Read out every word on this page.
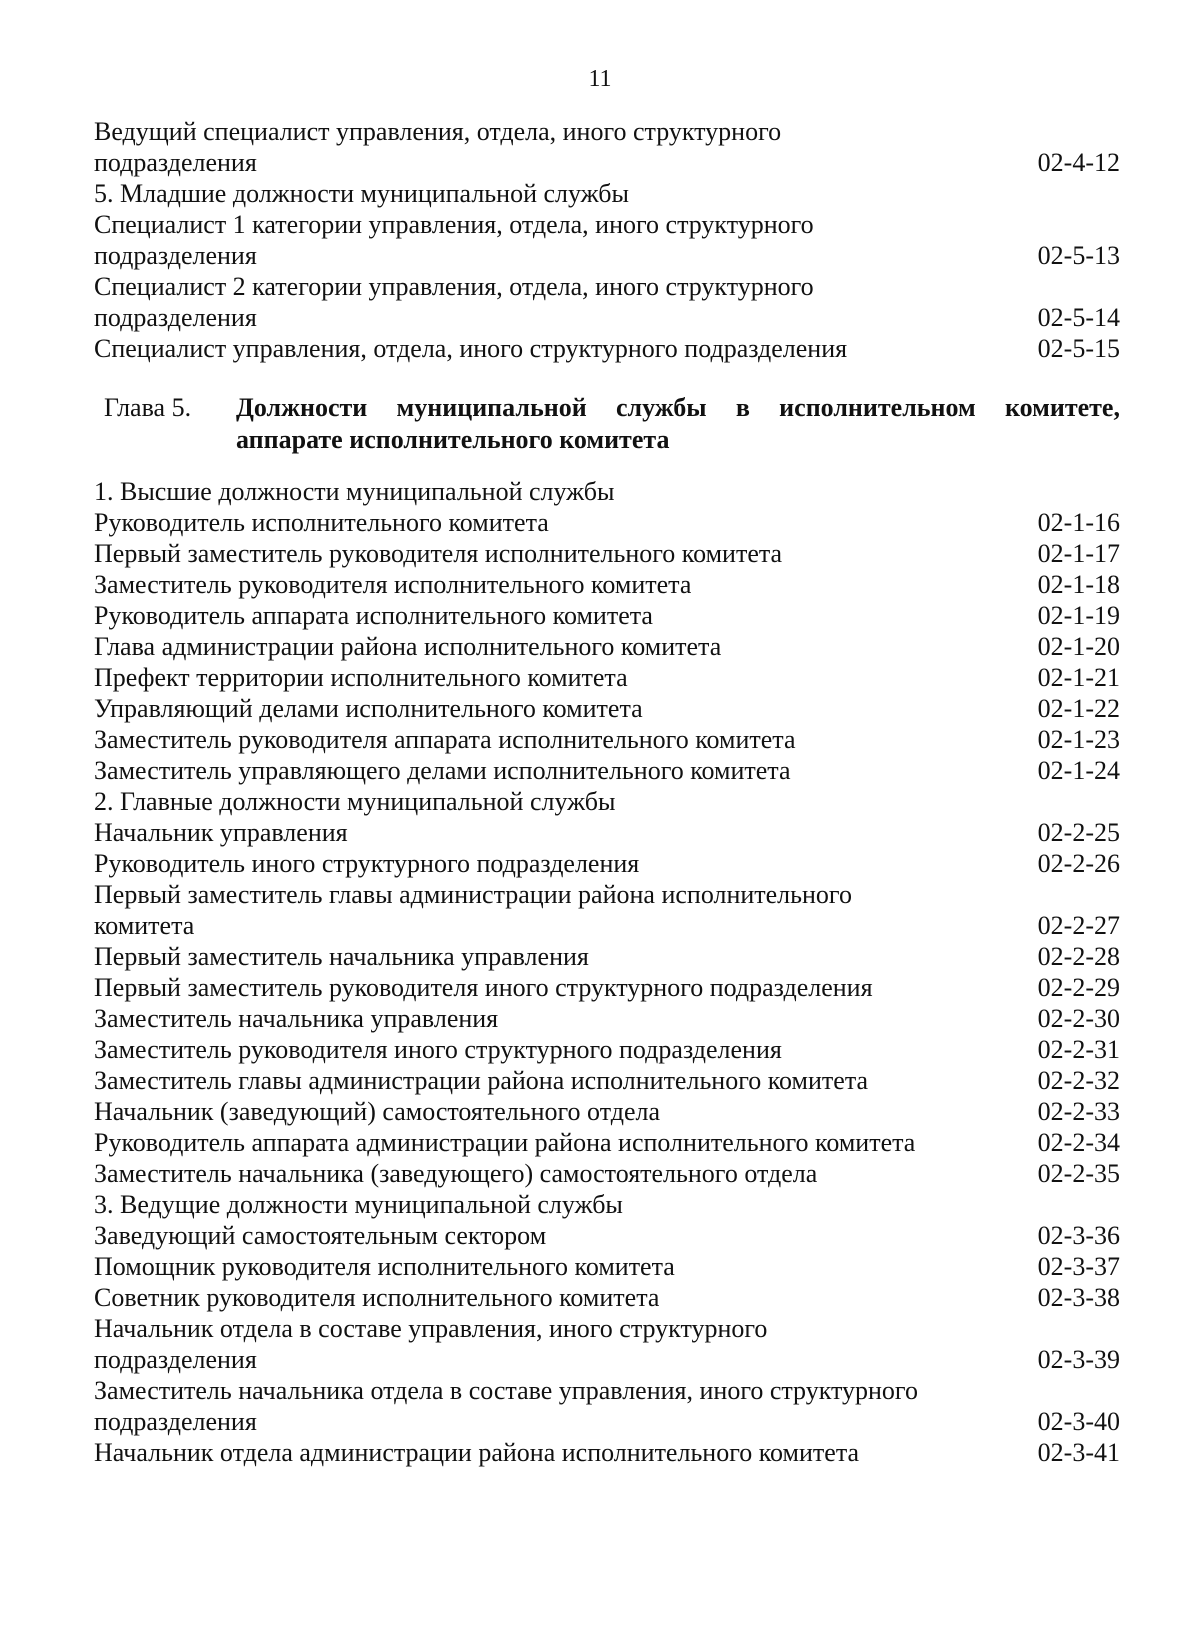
11
Ведущий специалист управления, отдела, иного структурного
подразделения	02-4-12
5. Младшие должности муниципальной службы
Специалист 1 категории управления, отдела, иного структурного
подразделения	02-5-13
Специалист 2 категории управления, отдела, иного структурного
подразделения	02-5-14
Специалист управления, отдела, иного структурного подразделения	02-5-15
Глава 5.	Должности муниципальной службы в исполнительном комитете,
аппарате исполнительного комитета
1. Высшие должности муниципальной службы
Руководитель исполнительного комитета	02-1-16
Первый заместитель руководителя исполнительного комитета	02-1-17
Заместитель руководителя исполнительного комитета	02-1-18
Руководитель аппарата исполнительного комитета	02-1-19
Глава администрации района исполнительного комитета	02-1-20
Префект территории исполнительного комитета	02-1-21
Управляющий делами исполнительного комитета	02-1-22
Заместитель руководителя аппарата исполнительного комитета	02-1-23
Заместитель управляющего делами исполнительного комитета	02-1-24
2. Главные должности муниципальной службы
Начальник управления	02-2-25
Руководитель иного структурного подразделения	02-2-26
Первый заместитель главы администрации района исполнительного
комитета	02-2-27
Первый заместитель начальника управления	02-2-28
Первый заместитель руководителя иного структурного подразделения	02-2-29
Заместитель начальника управления	02-2-30
Заместитель руководителя иного структурного подразделения	02-2-31
Заместитель главы администрации района исполнительного комитета	02-2-32
Начальник (заведующий) самостоятельного отдела	02-2-33
Руководитель аппарата администрации района исполнительного комитета	02-2-34
Заместитель начальника (заведующего) самостоятельного отдела	02-2-35
3. Ведущие должности муниципальной службы
Заведующий самостоятельным сектором	02-3-36
Помощник руководителя исполнительного комитета	02-3-37
Советник руководителя исполнительного комитета	02-3-38
Начальник отдела в составе управления, иного структурного
подразделения	02-3-39
Заместитель начальника отдела в составе управления, иного структурного
подразделения	02-3-40
Начальник отдела администрации района исполнительного комитета	02-3-41
